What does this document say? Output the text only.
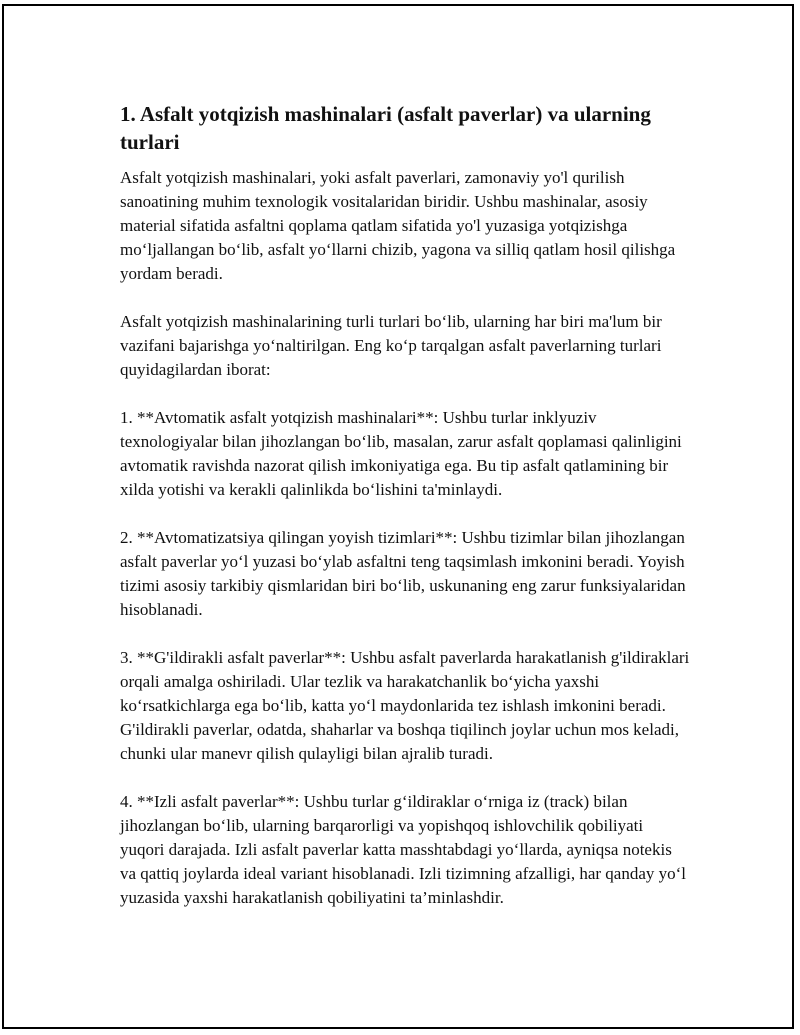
1. Asfalt yotqizish mashinalari (asfalt paverlar) va ularning turlari

Asfalt yotqizish mashinalari, yoki asfalt paverlari, zamonaviy yo'l qurilish sanoatining muhim texnologik vositalaridan biridir. Ushbu mashinalar, asosiy material sifatida asfaltni qoplama qatlam sifatida yo'l yuzasiga yotqizishga mo‘ljallangan bo‘lib, asfalt yo‘llarni chizib, yagona va silliq qatlam hosil qilishga yordam beradi.

Asfalt yotqizish mashinalarining turli turlari bo‘lib, ularning har biri ma'lum bir vazifani bajarishga yo‘naltirilgan. Eng ko‘p tarqalgan asfalt paverlarning turlari quyidagilardan iborat:

1. **Avtomatik asfalt yotqizish mashinalari**: Ushbu turlar inklyuziv texnologiyalar bilan jihozlangan bo‘lib, masalan, zarur asfalt qoplamasi qalinligini avtomatik ravishda nazorat qilish imkoniyatiga ega. Bu tip asfalt qatlamining bir xilda yotishi va kerakli qalinlikda bo‘lishini ta'minlaydi.

2. **Avtomatizatsiya qilingan yoyish tizimlari**: Ushbu tizimlar bilan jihozlangan asfalt paverlar yo‘l yuzasi bo‘ylab asfaltni teng taqsimlash imkonini beradi. Yoyish tizimi asosiy tarkibiy qismlaridan biri bo‘lib, uskunaning eng zarur funksiyalaridan hisoblanadi.

3. **G'ildirakli asfalt paverlar**: Ushbu asfalt paverlarda harakatlanish g'ildiraklari orqali amalga oshiriladi. Ular tezlik va harakatchanlik bo‘yicha yaxshi ko‘rsatkichlarga ega bo‘lib, katta yo‘l maydonlarida tez ishlash imkonini beradi. G'ildirakli paverlar, odatda, shaharlar va boshqa tiqilinch joylar uchun mos keladi, chunki ular manevr qilish qulayligi bilan ajralib turadi.

4. **Izli asfalt paverlar**: Ushbu turlar g‘ildiraklar o‘rniga iz (track) bilan jihozlangan bo‘lib, ularning barqarorligi va yopishqoq ishlovchilik qobiliyati yuqori darajada. Izli asfalt paverlar katta masshtabdagi yo‘llarda, ayniqsa notekis va qattiq joylarda ideal variant hisoblanadi. Izli tizimning afzalligi, har qanday yo‘l yuzasida yaxshi harakatlanish qobiliyatini ta’minlashdir.
